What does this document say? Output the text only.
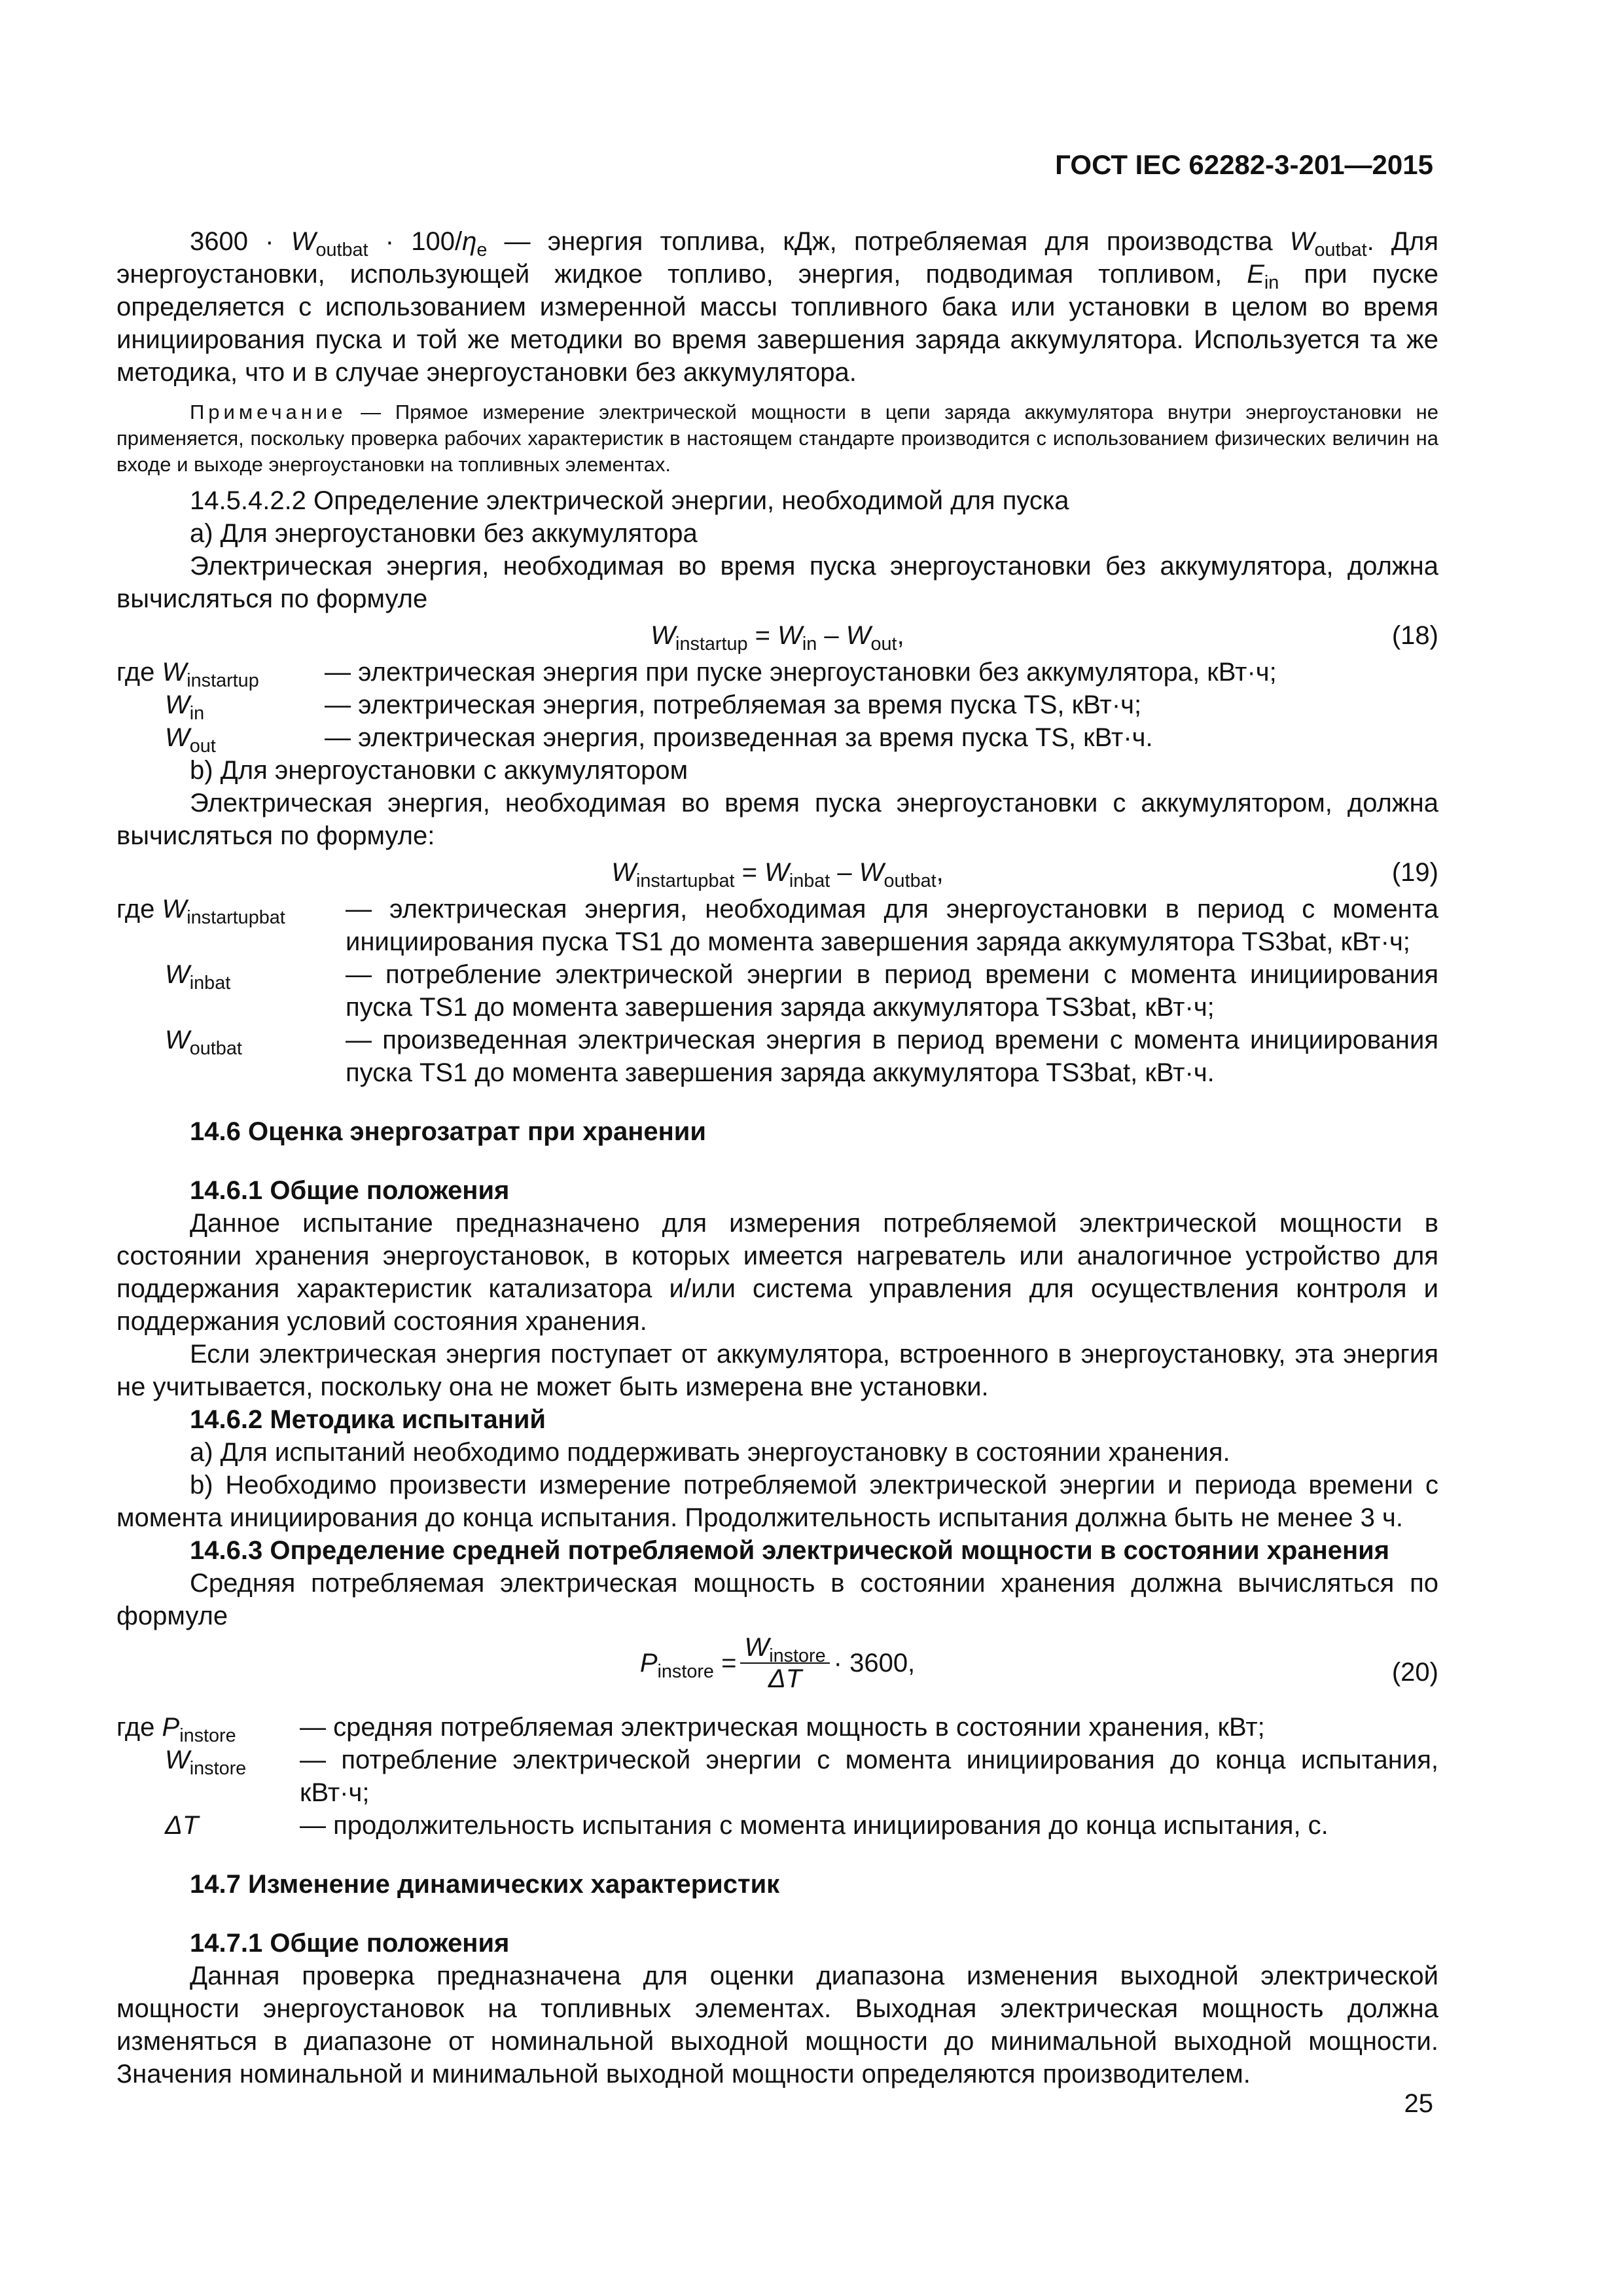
ГОСТ IEC 62282-3-201—2015

$3600 \cdot W_{outbat} \cdot 100/\eta_e$ — энергия топлива, кДж, потребляемая для производства $W_{outbat}$. Для энергоустановки, использующей жидкое топливо, энергия, подводимая топливом, $E_{in}$ при пуске определяется с использованием измеренной массы топливного бака или установки в целом во время инициирования пуска и той же методики во время завершения заряда аккумулятора. Используется та же методика, что и в случае энергоустановки без аккумулятора.

Примечание — Прямое измерение электрической мощности в цепи заряда аккумулятора внутри энергоустановки не применяется, поскольку проверка рабочих характеристик в настоящем стандарте производится с использованием физических величин на входе и выходе энергоустановки на топливных элементах.

14.5.4.2.2 Определение электрической энергии, необходимой для пуска

а) Для энергоустановки без аккумулятора

Электрическая энергия, необходимая во время пуска энергоустановки без аккумулятора, должна вычисляться по формуле

$W_{instartup} = W_{in} - W_{out}$,	(18)
где $W_{instartup}$	— электрическая энергия при пуске энергоустановки без аккумулятора, кВт·ч;
$W_{in}$	— электрическая энергия, потребляемая за время пуска TS, кВт·ч;
$W_{out}$	— электрическая энергия, произведенная за время пуска TS, кВт·ч.

b) Для энергоустановки с аккумулятором

Электрическая энергия, необходимая во время пуска энергоустановки с аккумулятором, должна вычисляться по формуле:

$W_{instartupbat} = W_{inbat} - W_{outbat}$,	(19)
где $W_{instartupbat}$	— электрическая энергия, необходимая для энергоустановки в период с момента инициирования пуска TS1 до момента завершения заряда аккумулятора TS3bat, кВт·ч;
$W_{inbat}$	— потребление электрической энергии в период времени с момента инициирования пуска TS1 до момента завершения заряда аккумулятора TS3bat, кВт·ч;
$W_{outbat}$	— произведенная электрическая энергия в период времени с момента инициирования пуска TS1 до момента завершения заряда аккумулятора TS3bat, кВт·ч.
14.6 Оценка энергозатрат при хранении
14.6.1 Общие положения

Данное испытание предназначено для измерения потребляемой электрической мощности в состоянии хранения энергоустановок, в которых имеется нагреватель или аналогичное устройство для поддержания характеристик катализатора и/или система управления для осуществления контроля и поддержания условий состояния хранения.

Если электрическая энергия поступает от аккумулятора, встроенного в энергоустановку, эта энергия не учитывается, поскольку она не может быть измерена вне установки.

14.6.2 Методика испытаний

а) Для испытаний необходимо поддерживать энергоустановку в состоянии хранения.

b) Необходимо произвести измерение потребляемой электрической энергии и периода времени с момента инициирования до конца испытания. Продолжительность испытания должна быть не менее 3 ч.

14.6.3 Определение средней потребляемой электрической мощности в состоянии хранения

Средняя потребляемая электрическая мощность в состоянии хранения должна вычисляться по формуле

$P_{instore} = \frac{W_{instore}}{\Delta T} \cdot 3600$,	(20)
где $P_{instore}$	— средняя потребляемая электрическая мощность в состоянии хранения, кВт;
$W_{instore}$	— потребление электрической энергии с момента инициирования до конца испытания, кВт·ч;
ΔT	— продолжительность испытания с момента инициирования до конца испытания, с.
14.7 Изменение динамических характеристик
14.7.1 Общие положения

Данная проверка предназначена для оценки диапазона изменения выходной электрической мощности энергоустановок на топливных элементах. Выходная электрическая мощность должна изменяться в диапазоне от номинальной выходной мощности до минимальной выходной мощности. Значения номинальной и минимальной выходной мощности определяются производителем.

25
